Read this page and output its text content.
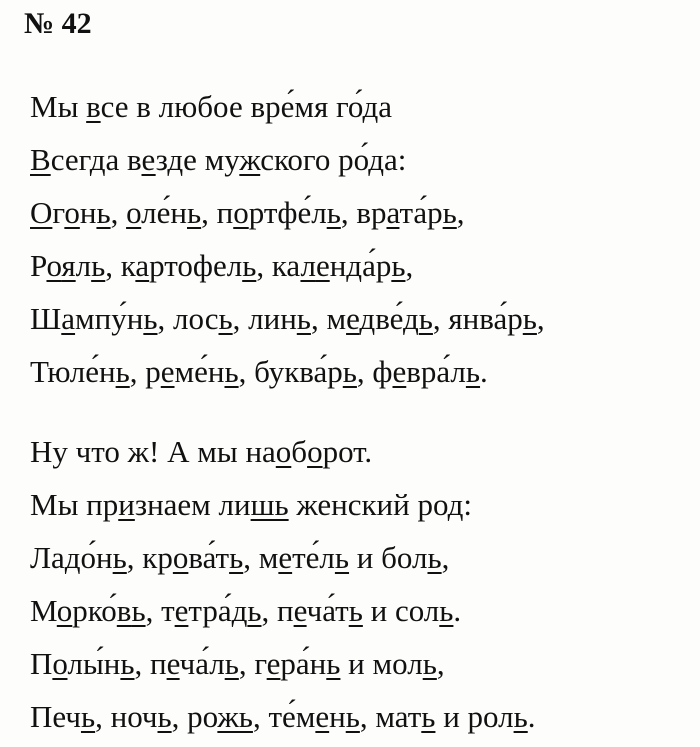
№ 42
Мы все в любое вре́мя го́да
Всегда везде мужского ро́да:
Огонь, оле́нь, портфе́ль, врата́рь,
Рояль, картофель, календа́рь,
Шампу́нь, лось, линь, медве́дь, янва́рь,
Тюле́нь, реме́нь, буква́рь, февра́ль.
Ну что ж! А мы наоборот.
Мы признаем лишь женский род:
Ладо́нь, крова́ть, мете́ль и боль,
Морко́вь, тетра́дь, печа́ть и соль.
Полы́нь, печа́ль, гера́нь и моль,
Печь, ночь, рожь, те́мень, мать и роль.
